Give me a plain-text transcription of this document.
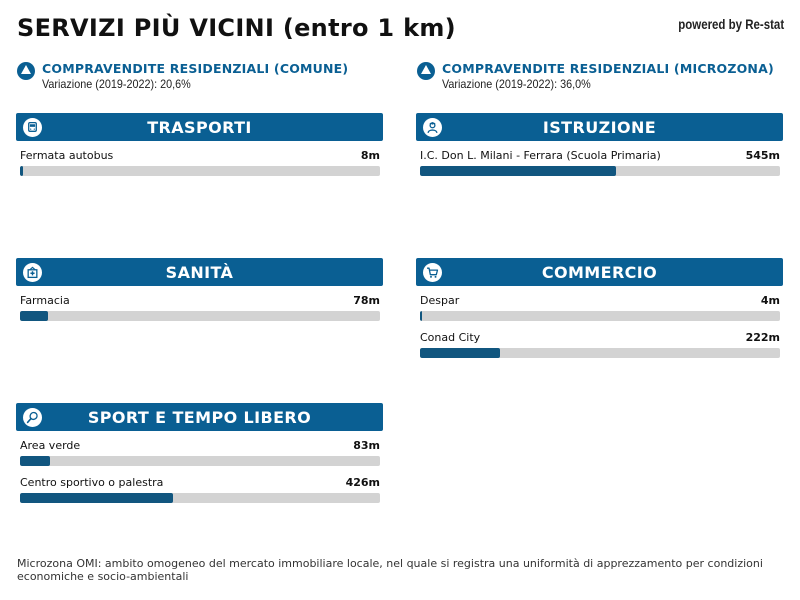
SERVIZI PIÙ VICINI (entro 1 km)	powered by Re-stat
COMPRAVENDITE RESIDENZIALI (COMUNE)
Variazione (2019-2022): 20,6%
COMPRAVENDITE RESIDENZIALI (MICROZONA)
Variazione (2019-2022): 36,0%
TRASPORTI
Fermata autobus	8m
ISTRUZIONE
I.C. Don L. Milani - Ferrara (Scuola Primaria)	545m
SANITÀ
Farmacia	78m
COMMERCIO
Despar	4m
Conad City	222m
SPORT E TEMPO LIBERO
Area verde	83m
Centro sportivo o palestra	426m
Microzona OMI: ambito omogeneo del mercato immobiliare locale, nel quale si registra una uniformità di apprezzamento per condizioni economiche e socio-ambientali
